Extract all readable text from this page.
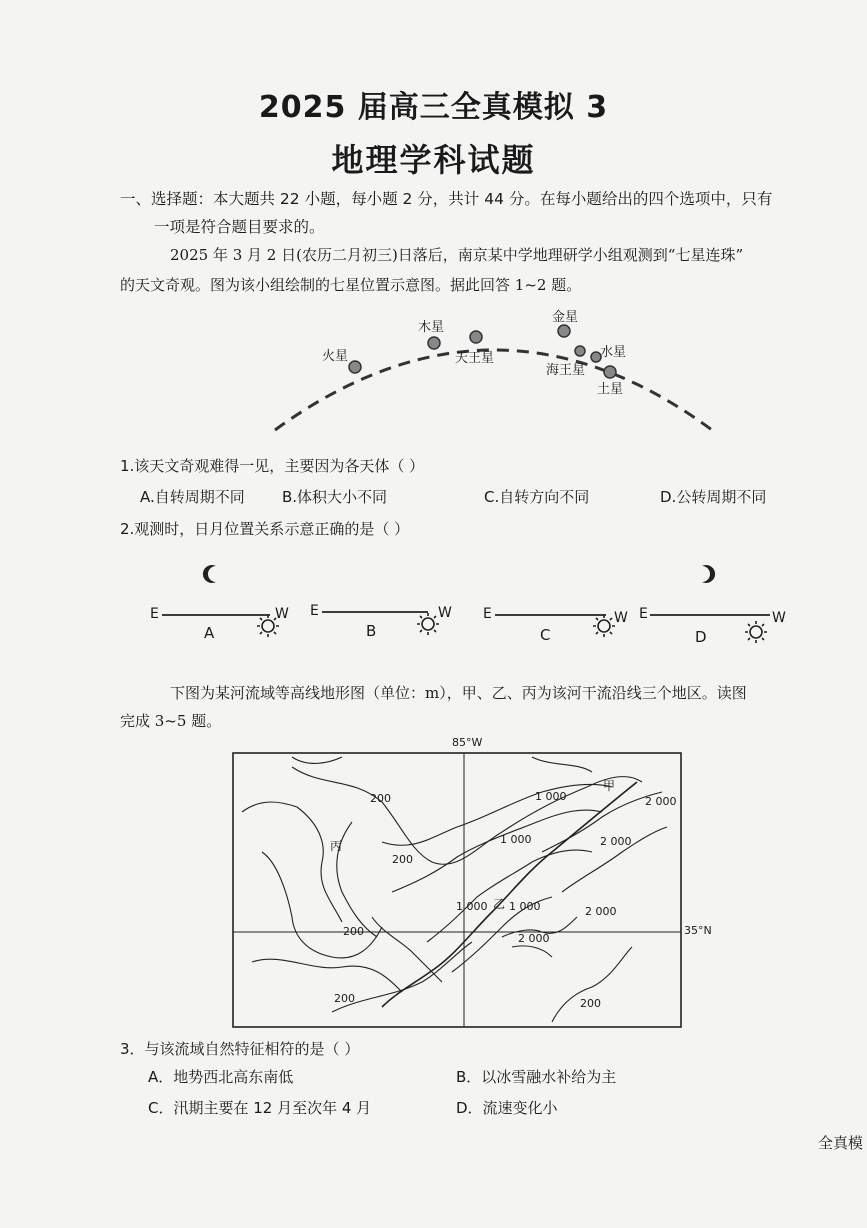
2025 届高三全真模拟 3
地理学科试题
一、选择题：本大题共 22 小题，每小题 2 分，共计 44 分。在每小题给出的四个选项中，只有
一项是符合题目要求的。
2025 年 3 月 2 日(农历二月初三)日落后，南京某中学地理研学小组观测到“七星连珠”
的天文奇观。图为该小组绘制的七星位置示意图。据此回答 1~2 题。
火星
木星
天王星
金星
水星
海王星
土星
1.该天文奇观难得一见，主要因为各天体（ ）
A.自转周期不同 B.体积大小不同	C.自转方向不同	D.公转周期不同
2.观测时，日月位置关系示意正确的是（ ）
E	W E	W E	W E	W
A	B	C	D
下图为某河流域等高线地形图（单位：m），甲、乙、丙为该河干流沿线三个地区。读图
完成 3~5 题。
85°W
200
200
200
200	200
1 000
1 000
1 000 1 000
2 000
2 000
2 000
2 000
甲
乙
丙
35°N
3．与该流域自然特征相符的是（ ）
A．地势西北高东南低	B．以冰雪融水补给为主
C．汛期主要在 12 月至次年 4 月	D．流速变化小
全真模
